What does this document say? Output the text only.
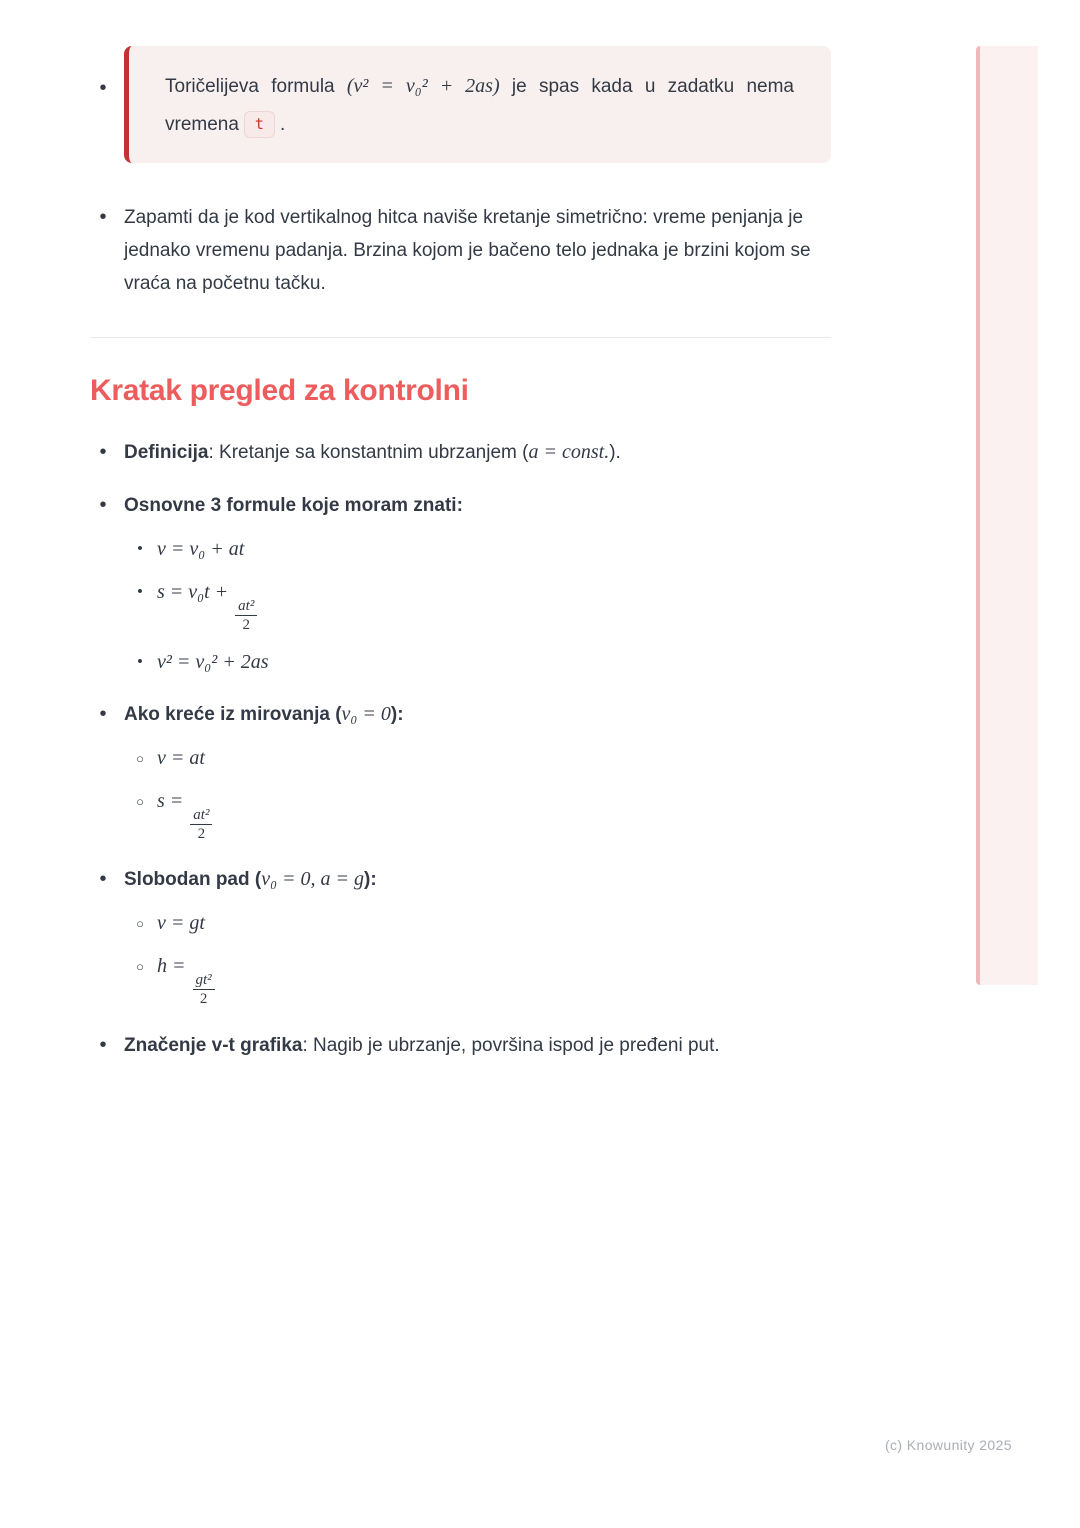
•	Toričelijeva formula (v² = v₀² + 2as) je spas kada u zadatku nema
vremena t .
• Zapamti da je kod vertikalnog hitca naviše kretanje simetrično: vreme penjanja je jednako vremenu padanja. Brzina kojom je bačeno telo jednaka je brzini kojom se vraća na početnu tačku.
Kratak pregled za kontrolni
• Definicija: Kretanje sa konstantnim ubrzanjem (a = const.).
• Osnovne 3 formule koje moram znati:
• v = v₀ + at
• s = v₀t +
$\frac{\text{at²}}{2}$
• v² = v₀² + 2as
• Ako kreće iz mirovanja (v₀ = 0):
○ v = at
○ s =
$\frac{\text{at²}}{2}$
• Slobodan pad (v₀ = 0, a = g):
○ v = gt
○ h =
$\frac{\text{gt²}}{2}$
• Značenje v-t grafika: Nagib je ubrzanje, površina ispod je pređeni put.
(c) Knowunity 2025
